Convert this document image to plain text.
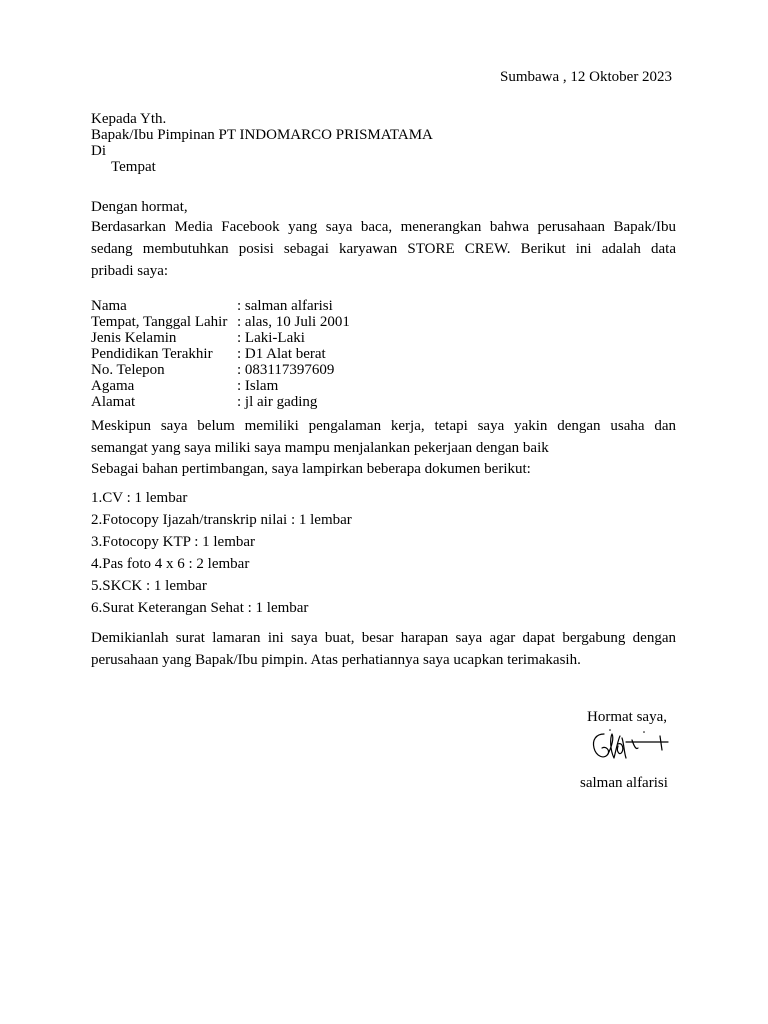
Sumbawa , 12 Oktober 2023
Kepada Yth.
Bapak/Ibu Pimpinan PT INDOMARCO PRISMATAMA
Di
Tempat
Dengan hormat,
Berdasarkan Media Facebook yang saya baca, menerangkan bahwa perusahaan Bapak/Ibu
sedang membutuhkan posisi sebagai karyawan STORE CREW. Berikut ini adalah data
pribadi saya:
Nama	: salman alfarisi
Tempat, Tanggal Lahir : alas, 10 Juli 2001
Jenis Kelamin	: Laki-Laki
Pendidikan Terakhir : D1 Alat berat
No. Telepon	: 083117397609
Agama	: Islam
Alamat	: jl air gading
Meskipun saya belum memiliki pengalaman kerja, tetapi saya yakin dengan usaha dan
semangat yang saya miliki saya mampu menjalankan pekerjaan dengan baik
Sebagai bahan pertimbangan, saya lampirkan beberapa dokumen berikut:
1.CV : 1 lembar
2.Fotocopy Ijazah/transkrip nilai : 1 lembar
3.Fotocopy KTP : 1 lembar
4.Pas foto 4 x 6 : 2 lembar
5.SKCK : 1 lembar
6.Surat Keterangan Sehat : 1 lembar
Demikianlah surat lamaran ini saya buat, besar harapan saya agar dapat bergabung dengan
perusahaan yang Bapak/Ibu pimpin. Atas perhatiannya saya ucapkan terimakasih.
Hormat saya,
salman alfarisi
